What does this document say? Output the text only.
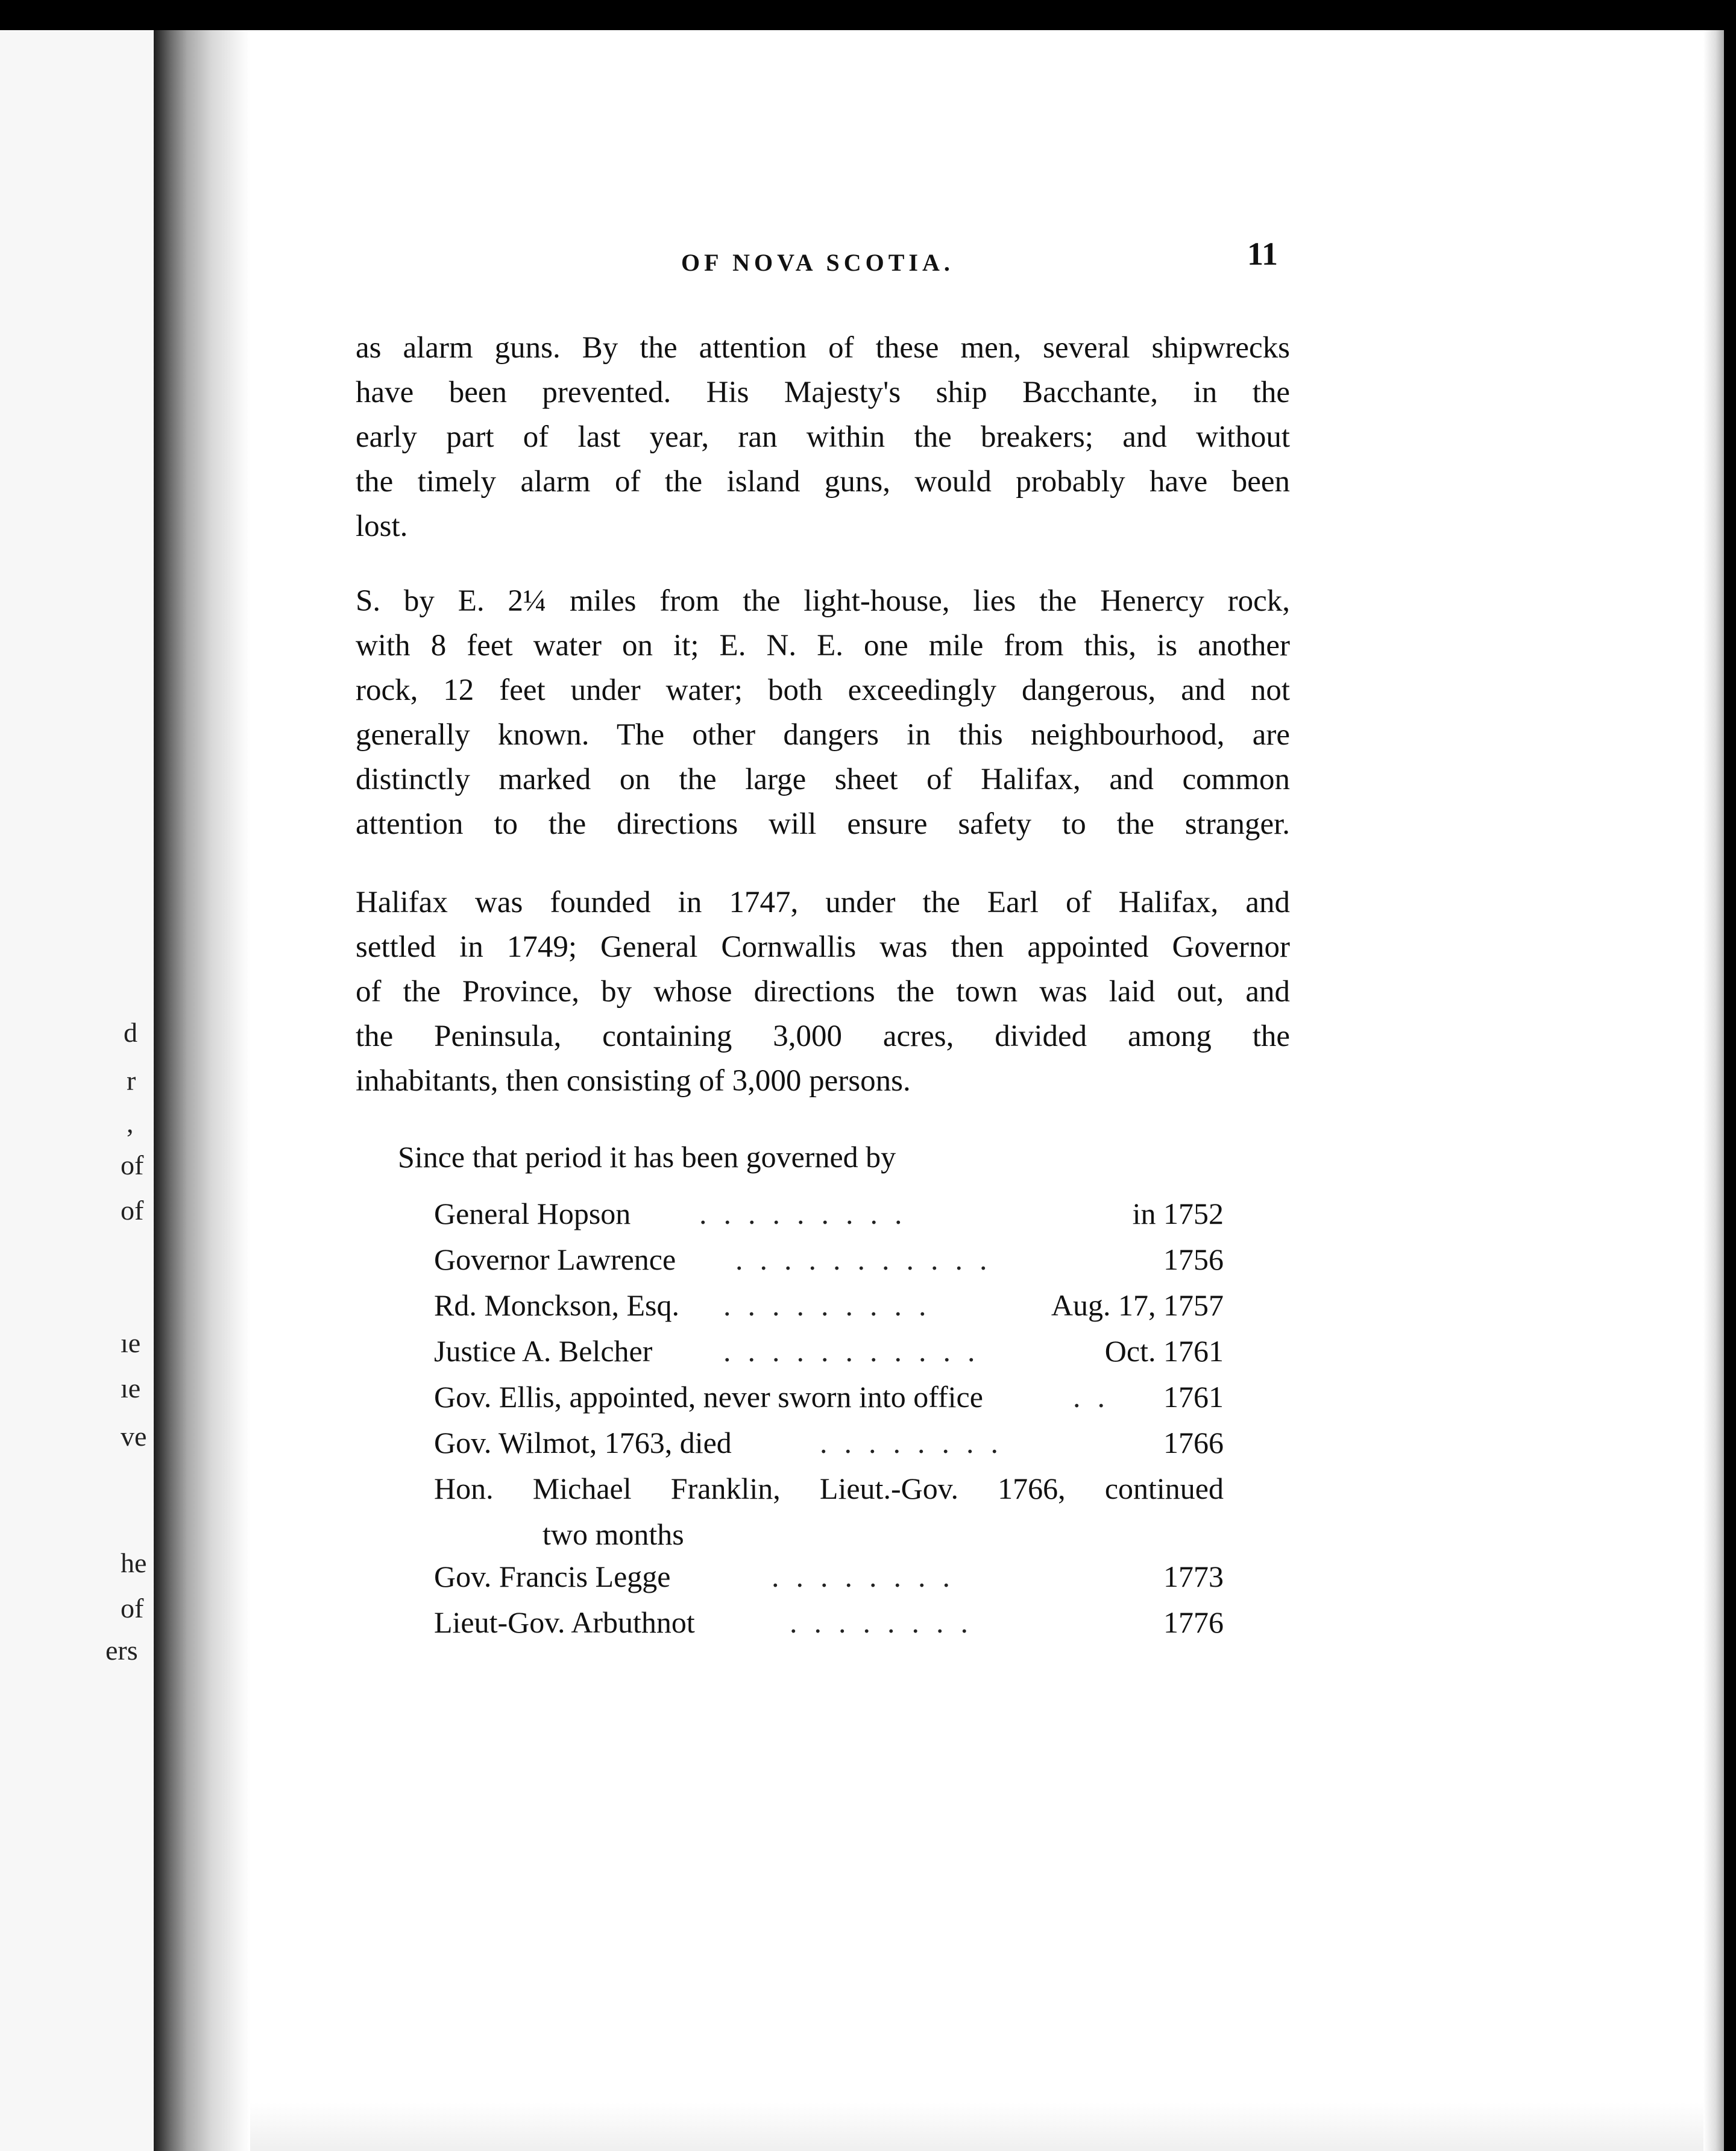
d
r
,
of
of
ıe
ıe
ve
he
of
ers
OF NOVA SCOTIA.	11

as alarm guns. By the attention of these men, several shipwrecks
have been prevented. His Majesty's ship Bacchante, in the
early part of last year, ran within the breakers; and without
the timely alarm of the island guns, would probably have been
lost.

S. by E. 2¼ miles from the light-house, lies the Henercy rock,
with 8 feet water on it; E. N. E. one mile from this, is another
rock, 12 feet under water; both exceedingly dangerous, and not
generally known. The other dangers in this neighbourhood, are
distinctly marked on the large sheet of Halifax, and common
attention to the directions will ensure safety to the stranger.

Halifax was founded in 1747, under the Earl of Halifax, and
settled in 1749; General Cornwallis was then appointed Governor
of the Province, by whose directions the town was laid out, and
the Peninsula, containing 3,000 acres, divided among the
inhabitants, then consisting of 3,000 persons.

Since that period it has been governed by
General Hopson .........	in 1752
Governor Lawrence ...........	1756
Rd. Monckson, Esq. .........	Aug. 17, 1757
Justice A. Belcher ...........	Oct. 1761
Gov. Ellis, appointed, never sworn into office	..	1761
Gov. Wilmot, 1763, died	........	1766
Hon. Michael Franklin, Lieut.-Gov. 1766, continued
two months
Gov. Francis Legge	........	1773
Lieut-Gov. Arbuthnot	........	1776
